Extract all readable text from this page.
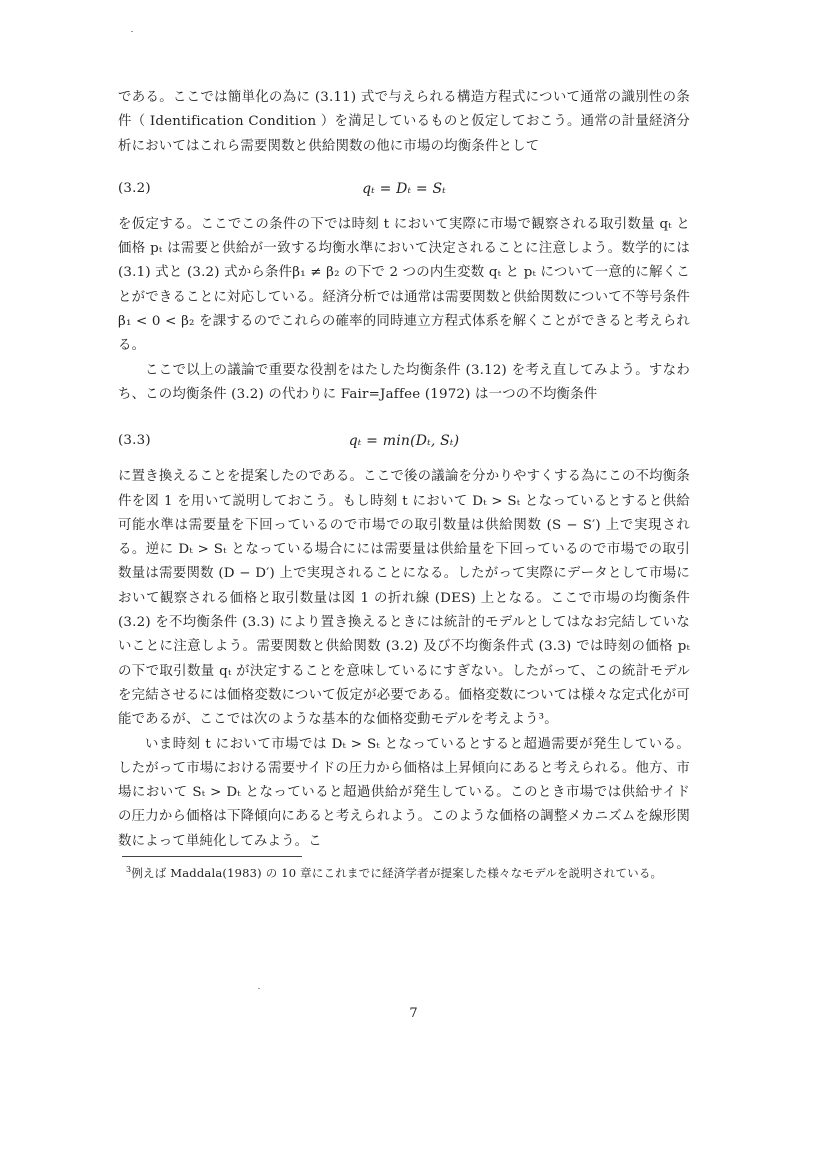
である。ここでは簡単化の為に (3.11) 式で与えられる構造方程式について通常の識別性の条件（ Identification Condition ）を満足しているものと仮定しておこう。通常の計量経済分析においてはこれら需要関数と供給関数の他に市場の均衡条件として

(3.2)	qₜ = Dₜ = Sₜ

を仮定する。ここでこの条件の下では時刻 t において実際に市場で観察される取引数量 qₜ と価格 pₜ は需要と供給が一致する均衡水準において決定されることに注意しよう。数学的には (3.1) 式と (3.2) 式から条件β₁ ≠ β₂ の下で 2 つの内生変数 qₜ と pₜ について一意的に解くことができることに対応している。経済分析では通常は需要関数と供給関数について不等号条件β₁ < 0 < β₂ を課するのでこれらの確率的同時連立方程式体系を解くことができると考えられる。

ここで以上の議論で重要な役割をはたした均衡条件 (3.12) を考え直してみよう。すなわち、この均衡条件 (3.2) の代わりに Fair=Jaffee (1972) は一つの不均衡条件

(3.3)	qₜ = min(Dₜ, Sₜ)

に置き換えることを提案したのである。ここで後の議論を分かりやすくする為にこの不均衡条件を図 1 を用いて説明しておこう。もし時刻 t において Dₜ > Sₜ となっているとすると供給可能水準は需要量を下回っているので市場での取引数量は供給関数 (S − S′) 上で実現される。逆に Dₜ > Sₜ となっている場合にには需要量は供給量を下回っているので市場での取引数量は需要関数 (D − D′) 上で実現されることになる。したがって実際にデータとして市場において観察される価格と取引数量は図 1 の折れ線 (DES) 上となる。ここで市場の均衡条件 (3.2) を不均衡条件 (3.3) により置き換えるときには統計的モデルとしてはなお完結していないことに注意しよう。需要関数と供給関数 (3.2) 及び不均衡条件式 (3.3) では時刻の価格 pₜ の下で取引数量 qₜ が決定することを意味しているにすぎない。したがって、この統計モデルを完結させるには価格変数について仮定が必要である。価格変数については様々な定式化が可能であるが、ここでは次のような基本的な価格変動モデルを考えよう³。

いま時刻 t において市場では Dₜ > Sₜ となっているとすると超過需要が発生している。したがって市場における需要サイドの圧力から価格は上昇傾向にあると考えられる。他方、市場において Sₜ > Dₜ となっていると超過供給が発生している。このとき市場では供給サイドの圧力から価格は下降傾向にあると考えられよう。このような価格の調整メカニズムを線形関数によって単純化してみよう。こ

$^3$例えば Maddala(1983) の 10 章にこれまでに経済学者が提案した様々なモデルを説明されている。

7
